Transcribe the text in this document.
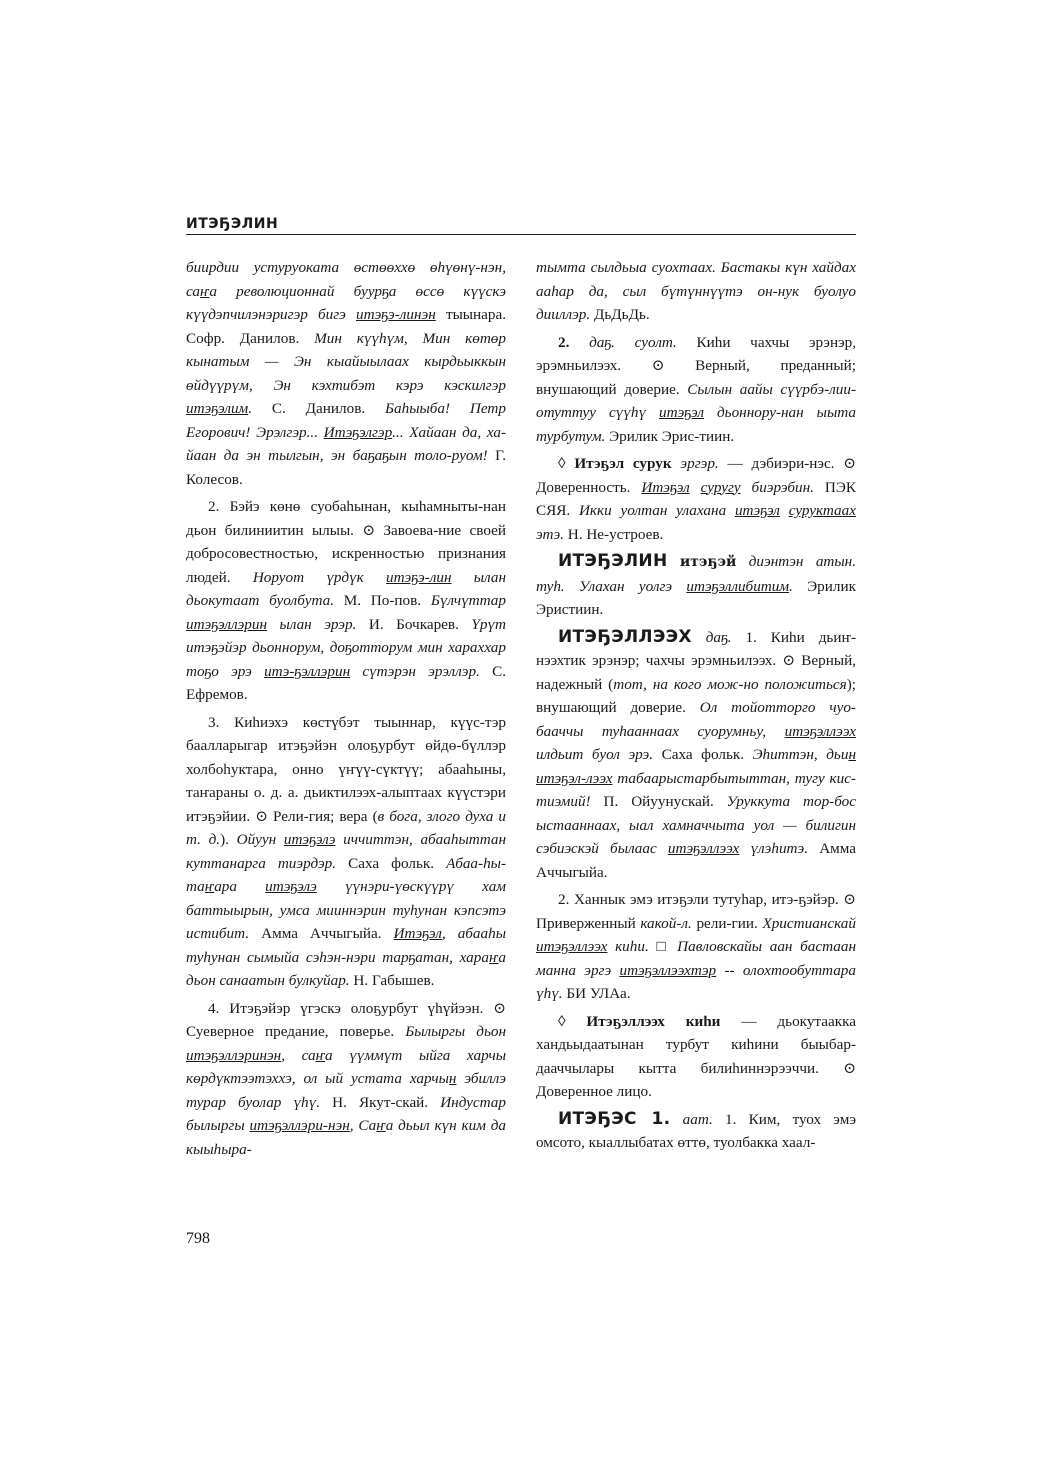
ИТЭҔЭЛИН

биирдии устуруоката өстөөххө өһүөнү-нэн, саҥа революционнай буурҕа өссө күүскэ күүдэпчилэнэригэр бигэ итэҕэ-линэн тыынара. Софр. Данилов. Мин күүһүм, Мин көтөр кынатым — Эн кыайыылаах кырдьыккын өйдүүрүм, Эн кэхтибэт кэрэ кэскилгэр итэҕэлим. С. Данилов. Баһыыба! Петр Егорович! Эрэлгэр... Итэҕэлгэр... Хайаан да, ха-йаан да эн тылгын, эн баҕаҕын толо-руом! Г. Колесов.

2. Бэйэ көнө суобаһынан, кыһамныты-нан дьон билиниитин ылыы. ⊙ Завоева-ние своей добросовестностью, искренностью признания людей. Норуот үрдүк итэҕэ-лин ылан дьокутаат буолбута. М. По-пов. Бүлчүттар итэҕэллэрин ылан эрэр. И. Бочкарев. Үрүт итэҕэйэр дьоннорум, доҕотторум мин хараххар тоҕо эрэ итэ-ҕэллэрин сүтэрэн эрэллэр. С. Ефремов.

3. Киһиэхэ көстүбэт тыыннар, күүс-тэр баалларыгар итэҕэйэн олоҕурбут өйдө-бүллэр холбоһуктара, онно үҥүү-сүктүү; абааһыны, таҥараны о. д. а. дьиктилээх-алыптаах күүстэри итэҕэйии. ⊙ Рели-гия; вера (в бога, злого духа и т. д.). Ойуун итэҕэлэ иччиттэн, абааһыттан куттанарга тиэрдэр. Саха фольк. Абаа-һы-таҥара итэҕэлэ үүнэри-үөскүүрү хам баттыырын, умса мииннэрин туһунан кэпсэтэ истибит. Амма Аччыгыйа. Итэҕэл, абааһы туһунан сымыйа сэһэн-нэри тарҕатан, хараҥа дьон санаатын булкуйар. Н. Габышев.

4. Итэҕэйэр үгэскэ олоҕурбут үһүйээн. ⊙ Суеверное предание, поверье. Былыргы дьон итэҕэллэринэн, саҥа үүммүт ыйга харчы көрдүктээтэххэ, ол ый устата харчын эбиллэ турар буолар үһү. Н. Якут-скай. Индустар былыргы итэҕэллэри-нэн, Саҥа дьыл күн ким да кыыһыра-

тымта сылдьыа суохтаах. Бастакы күн хайдах ааһар да, сыл бүтүннүүтэ он-нук буолуо дииллэр. ДьДьДь.

2. даҕ. суолт. Киһи чахчы эрэнэр, эрэмньилээх. ⊙ Верный, преданный; внушающий доверие. Сылын аайы сүүрбэ-лии-отуттуу сүүһү итэҕэл дьоннору-нан ыыта турбутум. Эрилик Эрис-тиин.

◊ Итэҕэл сурук эргэр. — дэбиэри-нэс. ⊙ Доверенность. Итэҕэл суругу биэрэбин. ПЭК СЯЯ. Икки уолтан улахана итэҕэл суруктаах этэ. Н. Не-устроев.

ИТЭҔЭЛИН итэҕэй диэнтэн атын. туһ. Улахан уолгэ итэҕэллибитим. Эрилик Эристиин.

ИТЭҔЭЛЛЭЭХ даҕ. 1. Киһи дьиҥ-нээхтик эрэнэр; чахчы эрэмньилээх. ⊙ Верный, надежный (тот, на кого мож-но положиться); внушающий доверие. Ол тойотторго чуо-бааччы туһааннаах суорумньу, итэҕэллээх илдьит буол эрэ. Саха фольк. Эһиттэн, дьин итэҕэл-лээх табаарыстарбытыттан, тугу кис-тиэмий! П. Ойуунускай. Уруккута тор-бос ыстааннаах, ыал хамначчыта уол — билигин сэбиэскэй былаас итэҕэллээх үлэһитэ. Амма Аччыгыйа.

2. Ханнык эмэ итэҕэли тутуһар, итэ-ҕэйэр. ⊙ Приверженный какой-л. рели-гии. Христианскай итэҕэллээх киһи. □ Павловскайы аан бастаан манна эргэ итэҕэллээхтэр -- олохтообуттара үһү. БИ УЛАа.

◊ Итэҕэллээх киһи — дьокутаакка хандьыдаатынан турбут киһини быыбар-дааччылары кытта билиһиннэрээччи. ⊙ Доверенное лицо.

ИТЭҔЭС 1. аат. 1. Ким, туох эмэ омсото, кыаллыбатах өттө, туолбакка хаал-

798
